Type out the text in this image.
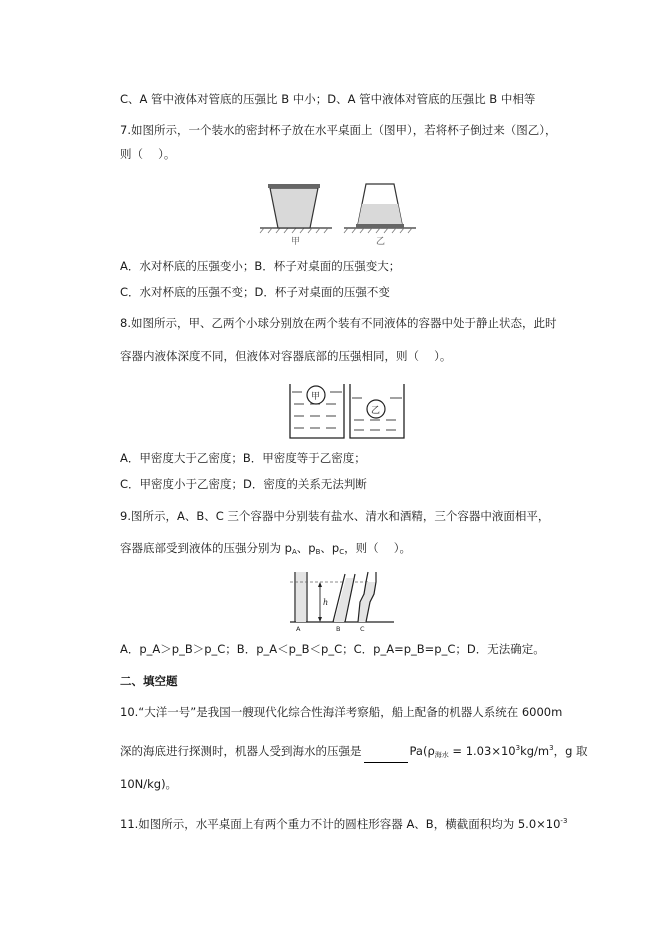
C、A 管中液体对管底的压强比 B 中小；D、A 管中液体对管底的压强比 B 中相等
7.如图所示，一个装水的密封杯子放在水平桌面上（图甲），若将杯子倒过来（图乙），
则（　 ）。
甲	乙
A．水对杯底的压强变小；B．杯子对桌面的压强变大；
C．水对杯底的压强不变；D．杯子对桌面的压强不变
8.如图所示，甲、乙两个小球分别放在两个装有不同液体的容器中处于静止状态，此时
容器内液体深度不同，但液体对容器底部的压强相同，则（　 ）。
甲
乙
A．甲密度大于乙密度；B．甲密度等于乙密度；
C．甲密度小于乙密度；D．密度的关系无法判断
9.图所示，A、B、C 三个容器中分别装有盐水、清水和酒精，三个容器中液面相平，
容器底部受到液体的压强分别为 $p_A$、$p_B$、$p_C$，则（　 ）。
h
A	B	C
A．p_A＞p_B＞p_C；B．p_A＜p_B＜p_C；C．p_A=p_B=p_C；D．无法确定。
二、填空题
10.“大洋一号”是我国一艘现代化综合性海洋考察船，船上配备的机器人系统在 6000m
深的海底进行探测时，机器人受到海水的压强是	$Pa(\rho_{海水} = 1.03\times 10^3kg/m^3$，g 取
10N/kg)。
11.如图所示，水平桌面上有两个重力不计的圆柱形容器 A、B，横截面积均为 $5.0\times 10^{-3}$
